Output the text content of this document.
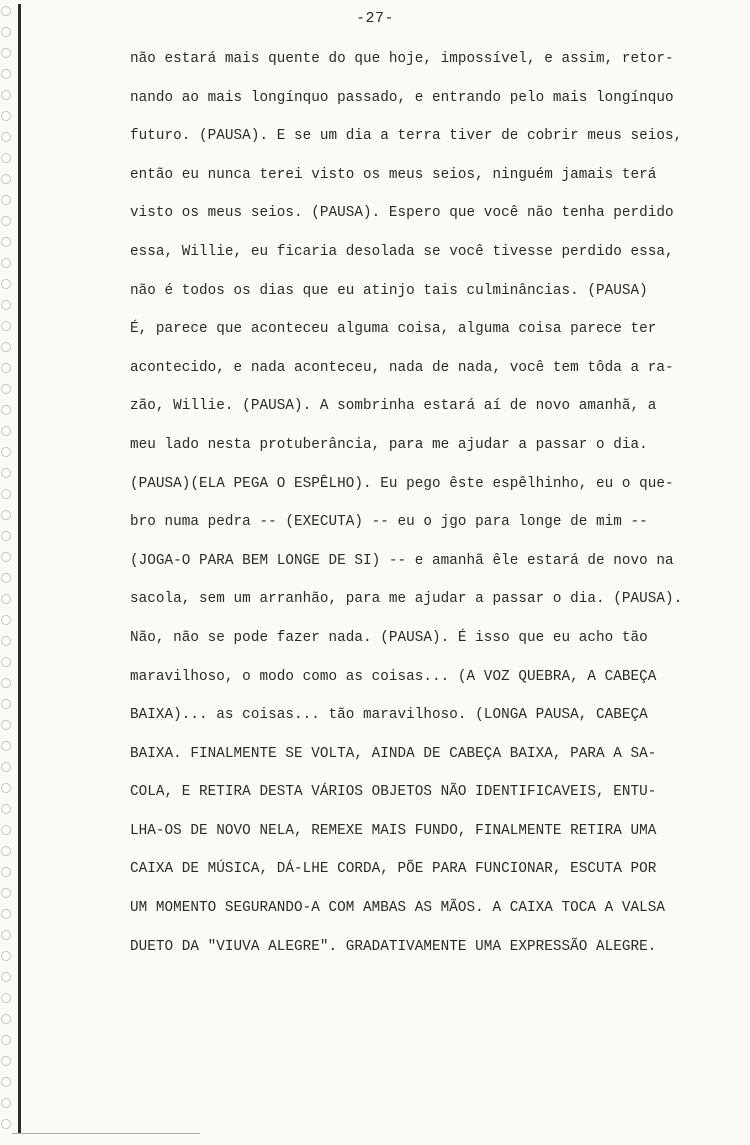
-27-
não estará mais quente do que hoje, impossível, e assim, retor-
nando ao mais longínquo passado, e entrando pelo mais longínquo
futuro. (PAUSA). E se um dia a terra tiver de cobrir meus seios,
então eu nunca terei visto os meus seios, ninguém jamais terá
visto os meus seios. (PAUSA). Espero que você não tenha perdido
essa, Willie, eu ficaria desolada se você tivesse perdido essa,
não é todos os dias que eu atinjo tais culminâncias. (PAUSA)
É, parece que aconteceu alguma coisa, alguma coisa parece ter
acontecido, e nada aconteceu, nada de nada, você tem tôda a ra-
zão, Willie. (PAUSA). A sombrinha estará aí de novo amanhã, a
meu lado nesta protuberância, para me ajudar a passar o dia.
(PAUSA)(ELA PEGA O ESPÊLHO). Eu pego êste espêlhinho, eu o que-
bro numa pedra -- (EXECUTA) -- eu o jgo para longe de mim --
(JOGA-O PARA BEM LONGE DE SI) -- e amanhã êle estará de novo na
sacola, sem um arranhão, para me ajudar a passar o dia. (PAUSA).
Não, não se pode fazer nada. (PAUSA). É isso que eu acho tão
maravilhoso, o modo como as coisas... (A VOZ QUEBRA, A CABEÇA
BAIXA)... as coisas... tão maravilhoso. (LONGA PAUSA, CABEÇA
BAIXA. FINALMENTE SE VOLTA, AINDA DE CABEÇA BAIXA, PARA A SA-
COLA, E RETIRA DESTA VÁRIOS OBJETOS NÃO IDENTIFICAVEIS, ENTU-
LHA-OS DE NOVO NELA, REMEXE MAIS FUNDO, FINALMENTE RETIRA UMA
CAIXA DE MÚSICA, DÁ-LHE CORDA, PÕE PARA FUNCIONAR, ESCUTA POR
UM MOMENTO SEGURANDO-A COM AMBAS AS MÃOS. A CAIXA TOCA A VALSA
DUETO DA "VIUVA ALEGRE". GRADATIVAMENTE UMA EXPRESSÃO ALEGRE.
